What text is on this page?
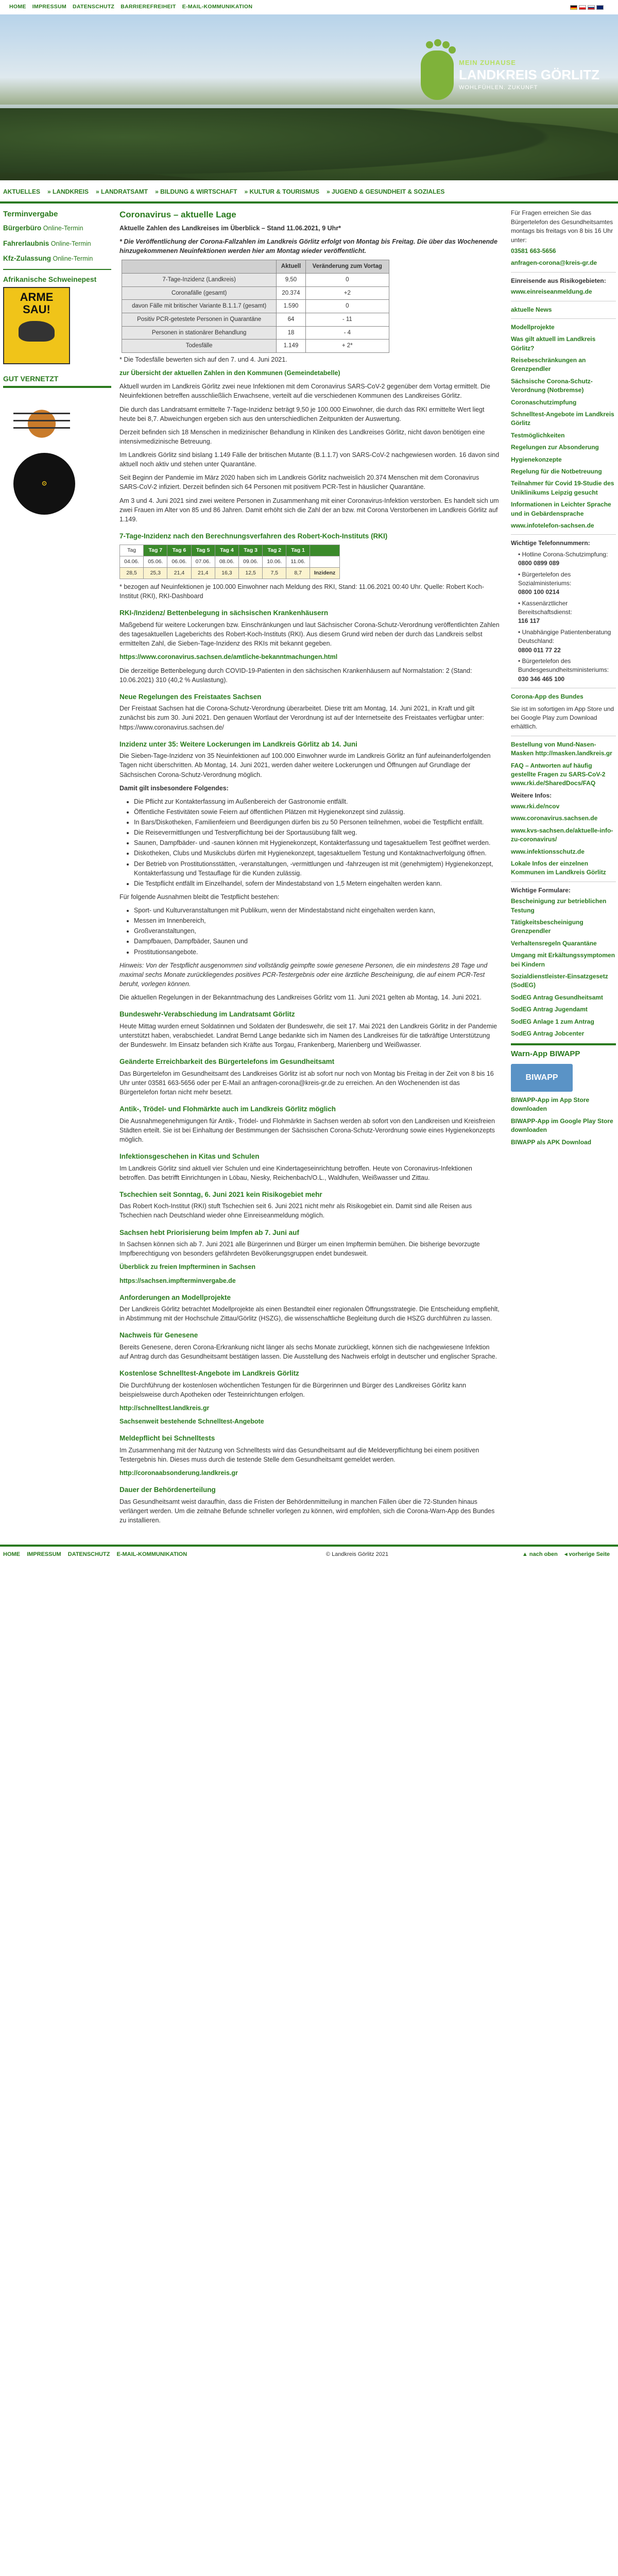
HOME IMPRESSUM DATENSCHUTZ BARRIEREFREIHEIT E-MAIL-KOMMUNIKATION
MEIN ZUHAUSE
LANDKREIS GÖRLITZ
WOHLFÜHLEN. ZUKUNFT
AKTUELLES » LANDKREIS » LANDRATSAMT » BILDUNG & WIRTSCHAFT » KULTUR & TOURISMUS » JUGEND & GESUNDHEIT & SOZIALES
Terminvergabe
Bürgerbüro Online-Termin
Fahrerlaubnis Online-Termin
Kfz-Zulassung Online-Termin
Afrikanische Schweinepest
ARME SAU!
GUT VERNETZT
⊙
Coronavirus – aktuelle Lage

Aktuelle Zahlen des Landkreises im Überblick – Stand 11.06.2021, 9 Uhr*

* Die Veröffentlichung der Corona-Fallzahlen im Landkreis Görlitz erfolgt von Montag bis Freitag. Die über das Wochenende hinzugekommenen Neuinfektionen werden hier am Montag wieder veröffentlicht.

	Aktuell	Veränderung zum Vortag
7-Tage-Inzidenz (Landkreis)	9,50	0
Coronafälle (gesamt)	20.374	+2
davon Fälle mit britischer Variante B.1.1.7 (gesamt)	1.590	0
Positiv PCR-getestete Personen in Quarantäne	64	- 11
Personen in stationärer Behandlung	18	- 4
Todesfälle	1.149	+ 2*

* Die Todesfälle bewerten sich auf den 7. und 4. Juni 2021.

zur Übersicht der aktuellen Zahlen in den Kommunen (Gemeindetabelle)

Aktuell wurden im Landkreis Görlitz zwei neue Infektionen mit dem Coronavirus SARS-CoV-2 gegenüber dem Vortag ermittelt. Die Neuinfektionen betreffen ausschließlich Erwachsene, verteilt auf die verschiedenen Kommunen des Landkreises Görlitz.

Die durch das Landratsamt ermittelte 7-Tage-Inzidenz beträgt 9,50 je 100.000 Einwohner, die durch das RKI ermittelte Wert liegt heute bei 8,7. Abweichungen ergeben sich aus den unterschiedlichen Zeitpunkten der Auswertung.

Derzeit befinden sich 18 Menschen in medizinischer Behandlung in Kliniken des Landkreises Görlitz, nicht davon benötigen eine intensivmedizinische Betreuung.

Im Landkreis Görlitz sind bislang 1.149 Fälle der britischen Mutante (B.1.1.7) von SARS-CoV-2 nachgewiesen worden. 16 davon sind aktuell noch aktiv und stehen unter Quarantäne.

Seit Beginn der Pandemie im März 2020 haben sich im Landkreis Görlitz nachweislich 20.374 Menschen mit dem Coronavirus SARS-CoV-2 infiziert. Derzeit befinden sich 64 Personen mit positivem PCR-Test in häuslicher Quarantäne.

Am 3 und 4. Juni 2021 sind zwei weitere Personen in Zusammenhang mit einer Coronavirus-Infektion verstorben. Es handelt sich um zwei Frauen im Alter von 85 und 86 Jahren. Damit erhöht sich die Zahl der an bzw. mit Corona Verstorbenen im Landkreis Görlitz auf 1.149.

7-Tage-Inzidenz nach den Berechnungsverfahren des Robert-Koch-Instituts (RKI)
Tag	Tag 7	Tag 6	Tag 5	Tag 4	Tag 3	Tag 2	Tag 1	
04.06.	05.06.	06.06.	07.06.	08.06.	09.06.	10.06.	11.06.	
28,5	25,3	21,4	21,4	16,3	12,5	7,5	8,7	Inzidenz

* bezogen auf Neuinfektionen je 100.000 Einwohner nach Meldung des RKI, Stand: 11.06.2021 00:40 Uhr. Quelle: Robert Koch-Institut (RKI), RKI-Dashboard

RKI-/Inzidenz/ Bettenbelegung in sächsischen Krankenhäusern

Maßgebend für weitere Lockerungen bzw. Einschränkungen und laut Sächsischer Corona-Schutz-Verordnung veröffentlichten Zahlen des tagesaktuellen Lageberichts des Robert-Koch-Instituts (RKI). Aus diesem Grund wird neben der durch das Landkreis selbst ermittelten Zahl, die Sieben-Tage-Inzidenz des RKIs mit bekannt gegeben.

https://www.coronavirus.sachsen.de/amtliche-bekanntmachungen.html

Die derzeitige Bettenbelegung durch COVID-19-Patienten in den sächsischen Krankenhäusern auf Normalstation: 2 (Stand: 10.06.2021) 310 (40,2 % Auslastung).

Neue Regelungen des Freistaates Sachsen

Der Freistaat Sachsen hat die Corona-Schutz-Verordnung überarbeitet. Diese tritt am Montag, 14. Juni 2021, in Kraft und gilt zunächst bis zum 30. Juni 2021. Den genauen Wortlaut der Verordnung ist auf der Internetseite des Freistaates verfügbar unter: https://www.coronavirus.sachsen.de/

Inzidenz unter 35: Weitere Lockerungen im Landkreis Görlitz ab 14. Juni

Die Sieben-Tage-Inzidenz von 35 Neuinfektionen auf 100.000 Einwohner wurde im Landkreis Görlitz an fünf aufeinanderfolgenden Tagen nicht überschritten. Ab Montag, 14. Juni 2021, werden daher weitere Lockerungen und Öffnungen auf Grundlage der Sächsischen Corona-Schutz-Verordnung möglich.

Damit gilt insbesondere Folgendes:

• Die Pflicht zur Kontakterfassung im Außenbereich der Gastronomie entfällt.
• Öffentliche Festivitäten sowie Feiern auf öffentlichen Plätzen mit Hygienekonzept sind zulässig.
• In Bars/Diskotheken, Familienfeiern und Beerdigungen dürfen bis zu 50 Personen teilnehmen, wobei die Testpflicht entfällt.
• Die Reisevermittlungen und Testverpflichtung bei der Sportausübung fällt weg.
• Saunen, Dampfbäder- und -saunen können mit Hygienekonzept, Kontakterfassung und tagesaktuellem Test geöffnet werden.
• Diskotheken, Clubs und Musikclubs dürfen mit Hygienekonzept, tagesaktuellem Testung und Kontaktnachverfolgung öffnen.
• Der Betrieb von Prostitutionsstätten, -veranstaltungen, -vermittlungen und -fahrzeugen ist mit (genehmigtem) Hygienekonzept, Kontakterfassung und Testauflage für die Kunden zulässig.
• Die Testpflicht entfällt im Einzelhandel, sofern der Mindestabstand von 1,5 Metern eingehalten werden kann.

Für folgende Ausnahmen bleibt die Testpflicht bestehen:

• Sport- und Kulturveranstaltungen mit Publikum, wenn der Mindestabstand nicht eingehalten werden kann,
• Messen im Innenbereich,
• Großveranstaltungen,
• Dampfbauen, Dampfbäder, Saunen und
• Prostitutionsangebote.

Hinweis: Von der Testpflicht ausgenommen sind vollständig geimpfte sowie genesene Personen, die ein mindestens 28 Tage und maximal sechs Monate zurückliegendes positives PCR-Testergebnis oder eine ärztliche Bescheinigung, die auf einem PCR-Test beruht, vorlegen können.

Die aktuellen Regelungen in der Bekanntmachung des Landkreises Görlitz vom 11. Juni 2021 gelten ab Montag, 14. Juni 2021.

Bundeswehr-Verabschiedung im Landratsamt Görlitz

Heute Mittag wurden erneut Soldatinnen und Soldaten der Bundeswehr, die seit 17. Mai 2021 den Landkreis Görlitz in der Pandemie unterstützt haben, verabschiedet. Landrat Bernd Lange bedankte sich im Namen des Landkreises für die tatkräftige Unterstützung der Bundeswehr. Im Einsatz befanden sich Kräfte aus Torgau, Frankenberg, Marienberg und Weißwasser.

Geänderte Erreichbarkeit des Bürgertelefons im Gesundheitsamt

Das Bürgertelefon im Gesundheitsamt des Landkreises Görlitz ist ab sofort nur noch von Montag bis Freitag in der Zeit von 8 bis 16 Uhr unter 03581 663-5656 oder per E-Mail an anfragen-corona@kreis-gr.de zu erreichen. An den Wochenenden ist das Bürgertelefon fortan nicht mehr besetzt.

Antik-, Trödel- und Flohmärkte auch im Landkreis Görlitz möglich

Die Ausnahmegenehmigungen für Antik-, Trödel- und Flohmärkte in Sachsen werden ab sofort von den Landkreisen und Kreisfreien Städten erteilt. Sie ist bei Einhaltung der Bestimmungen der Sächsischen Corona-Schutz-Verordnung sowie eines Hygienekonzepts möglich.

Infektionsgeschehen in Kitas und Schulen

Im Landkreis Görlitz sind aktuell vier Schulen und eine Kindertageseinrichtung betroffen. Heute von Coronavirus-Infektionen betroffen. Das betrifft Einrichtungen in Löbau, Niesky, Reichenbach/O.L., Waldhufen, Weißwasser und Zittau.

Tschechien seit Sonntag, 6. Juni 2021 kein Risikogebiet mehr

Das Robert Koch-Institut (RKI) stuft Tschechien seit 6. Juni 2021 nicht mehr als Risikogebiet ein. Damit sind alle Reisen aus Tschechien nach Deutschland wieder ohne Einreiseanmeldung möglich.

Sachsen hebt Priorisierung beim Impfen ab 7. Juni auf

In Sachsen können sich ab 7. Juni 2021 alle Bürgerinnen und Bürger um einen Impftermin bemühen. Die bisherige bevorzugte Impfberechtigung von besonders gefährdeten Bevölkerungsgruppen endet bundesweit.

Überblick zu freien Impfterminen in Sachsen

https://sachsen.impfterminvergabe.de

Anforderungen an Modellprojekte

Der Landkreis Görlitz betrachtet Modellprojekte als einen Bestandteil einer regionalen Öffnungsstrategie. Die Entscheidung empfiehlt, in Abstimmung mit der Hochschule Zittau/Görlitz (HSZG), die wissenschaftliche Begleitung durch die HSZG durchführen zu lassen.

Nachweis für Genesene

Bereits Genesene, deren Corona-Erkrankung nicht länger als sechs Monate zurückliegt, können sich die nachgewiesene Infektion auf Antrag durch das Gesundheitsamt bestätigen lassen. Die Ausstellung des Nachweis erfolgt in deutscher und englischer Sprache.

Kostenlose Schnelltest-Angebote im Landkreis Görlitz

Die Durchführung der kostenlosen wöchentlichen Testungen für die Bürgerinnen und Bürger des Landkreises Görlitz kann beispielsweise durch Apotheken oder Testeinrichtungen erfolgen.

http://schnelltest.landkreis.gr

Sachsenweit bestehende Schnelltest-Angebote

Meldepflicht bei Schnelltests

Im Zusammenhang mit der Nutzung von Schnelltests wird das Gesundheitsamt auf die Meldeverpflichtung bei einem positiven Testergebnis hin. Dieses muss durch die testende Stelle dem Gesundheitsamt gemeldet werden.

http://coronaabsonderung.landkreis.gr

Dauer der Behördenerteilung

Das Gesundheitsamt weist daraufhin, dass die Fristen der Behördenmitteilung in manchen Fällen über die 72-Stunden hinaus verlängert werden. Um die zeitnahe Befunde schneller vorlegen zu können, wird empfohlen, sich die Corona-Warn-App des Bundes zu installieren.

Für Fragen erreichen Sie das Bürgertelefon des Gesundheitsamtes montags bis freitags von 8 bis 16 Uhr unter:

03581 663-5656
anfragen-corona@kreis-gr.de

Einreisende aus Risikogebieten:

www.einreiseanmeldung.de
aktuelle News
Modellprojekte
Was gilt aktuell im Landkreis Görlitz?
Reisebeschränkungen an Grenzpendler
Sächsische Corona-Schutz-Verordnung (Notbremse)
Coronaschutzimpfung
Schnelltest-Angebote im Landkreis Görlitz
Testmöglichkeiten
Regelungen zur Absonderung
Hygienekonzepte
Regelung für die Notbetreuung
Teilnahmer für Covid 19-Studie des Uniklinikums Leipzig gesucht
Informationen in Leichter Sprache und in Gebärdensprache
www.infotelefon-sachsen.de

Wichtige Telefonnummern:

• Hotline Corona-Schutzimpfung:
0800 0899 089

• Bürgertelefon des Sozialministeriums:
0800 100 0214

• Kassenärztlicher Bereitschaftsdienst:
116 117

• Unabhängige Patientenberatung Deutschland:
0800 011 77 22

• Bürgertelefon des Bundesgesundheitsministeriums:
030 346 465 100

Corona-App des Bundes

Sie ist im sofortigen im App Store und bei Google Play zum Download erhältlich.

Bestellung von Mund-Nasen-Masken http://masken.landkreis.gr
FAQ – Antworten auf häufig gestellte Fragen zu SARS-CoV-2 www.rki.de/SharedDocs/FAQ

Weitere Infos:

www.rki.de/ncov
www.coronavirus.sachsen.de
www.kvs-sachsen.de/aktuelle-info-zu-coronavirus/
www.infektionsschutz.de
Lokale Infos der einzelnen Kommunen im Landkreis Görlitz

Wichtige Formulare:

Bescheinigung zur betrieblichen Testung
Tätigkeitsbescheinigung Grenzpendler
Verhaltensregeln Quarantäne
Umgang mit Erkältungssymptomen bei Kindern
Sozialdienstleister-Einsatzgesetz (SodEG)
SodEG Antrag Gesundheitsamt
SodEG Antrag Jugendamt
SodEG Anlage 1 zum Antrag
SodEG Antrag Jobcenter
Warn-App BIWAPP
BIWAPP
BIWAPP-App im App Store downloaden
BIWAPP-App im Google Play Store downloaden
BIWAPP als APK Download
HOME IMPRESSUM DATENSCHUTZ E-MAIL-KOMMUNIKATION	© Landkreis Görlitz 2021	▲ nach oben ◂ vorherige Seite
